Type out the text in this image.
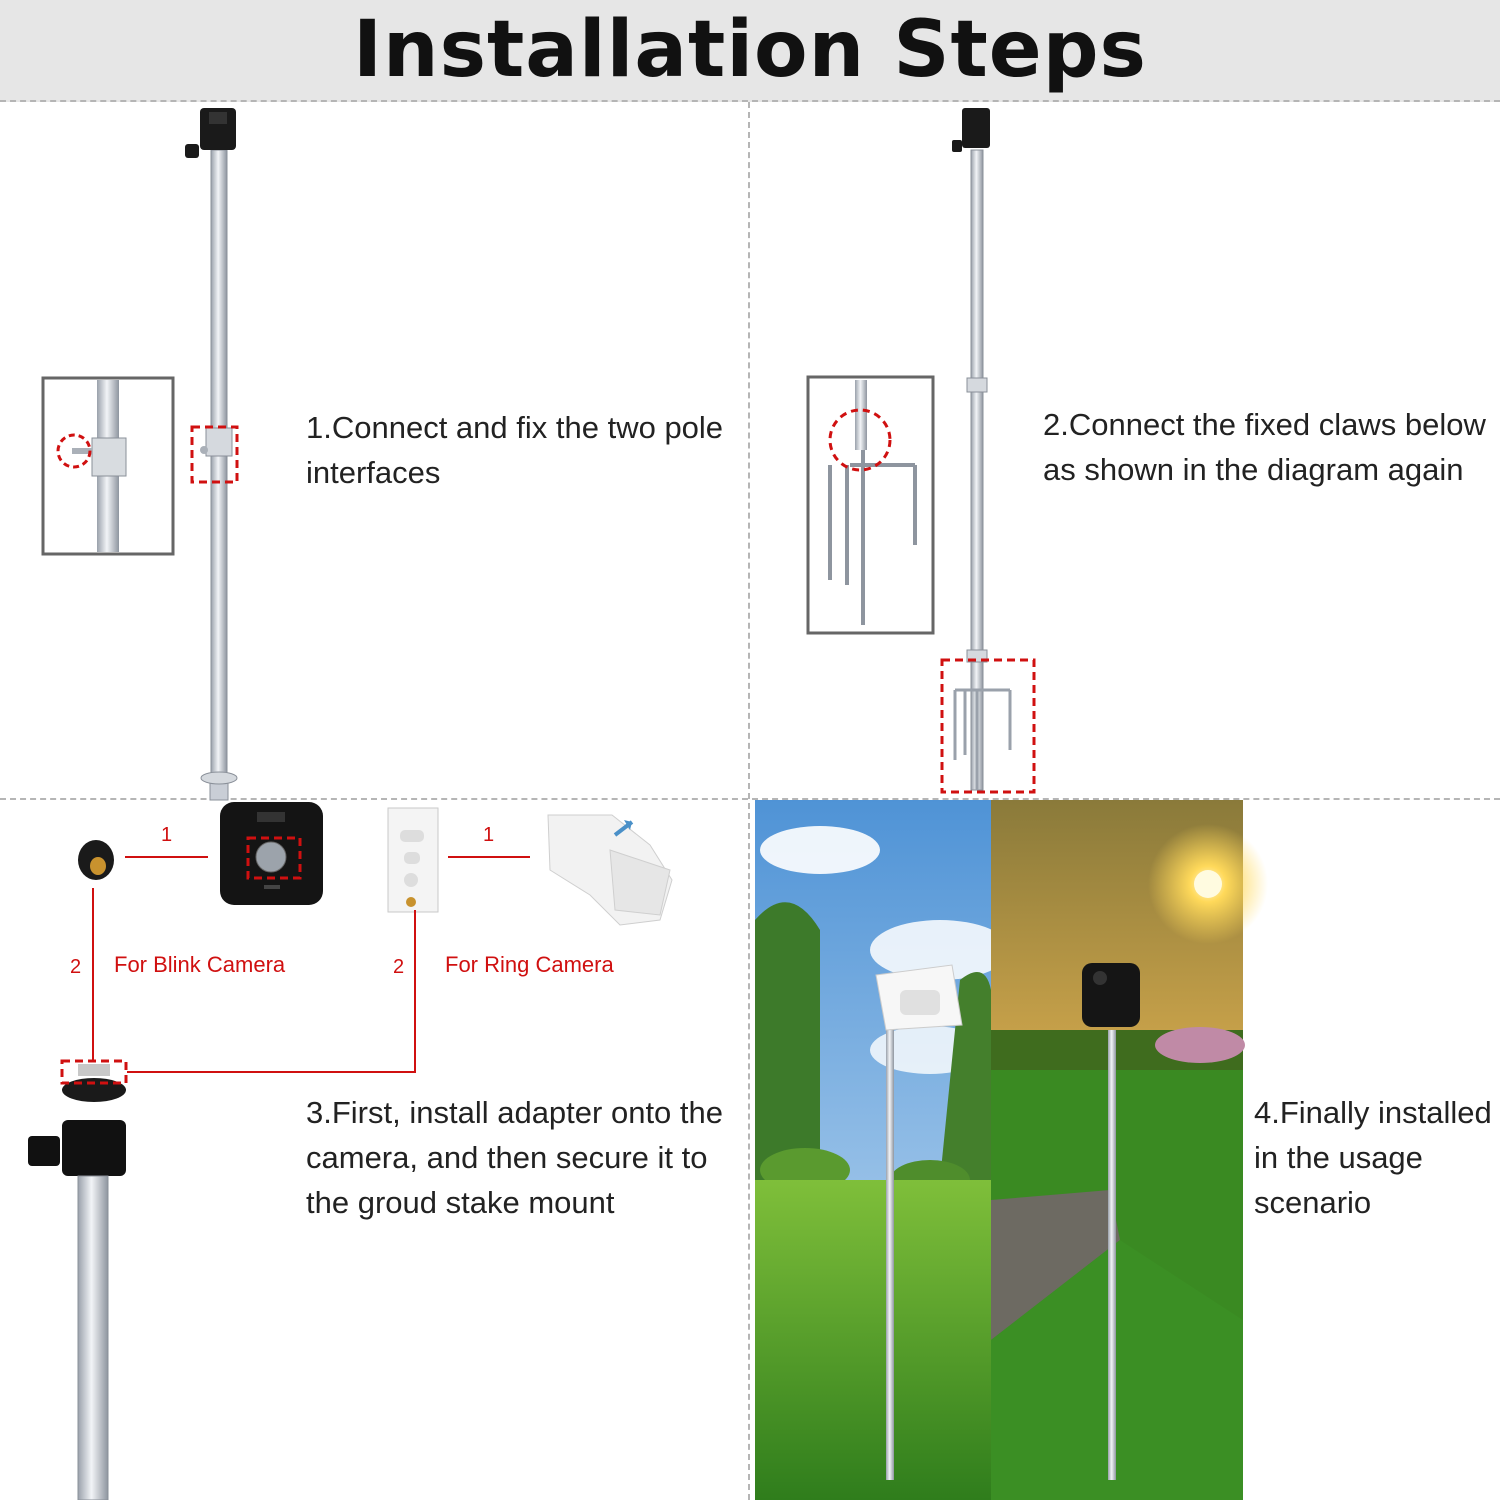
Installation Steps
1.Connect and fix the two pole interfaces
2.Connect the fixed claws below as shown in the diagram again
3.First, install adapter onto the camera, and then secure it to the groud stake mount
4.Finally installed in the usage scenario
For Blink Camera	For Ring Camera
1
2
1
2
